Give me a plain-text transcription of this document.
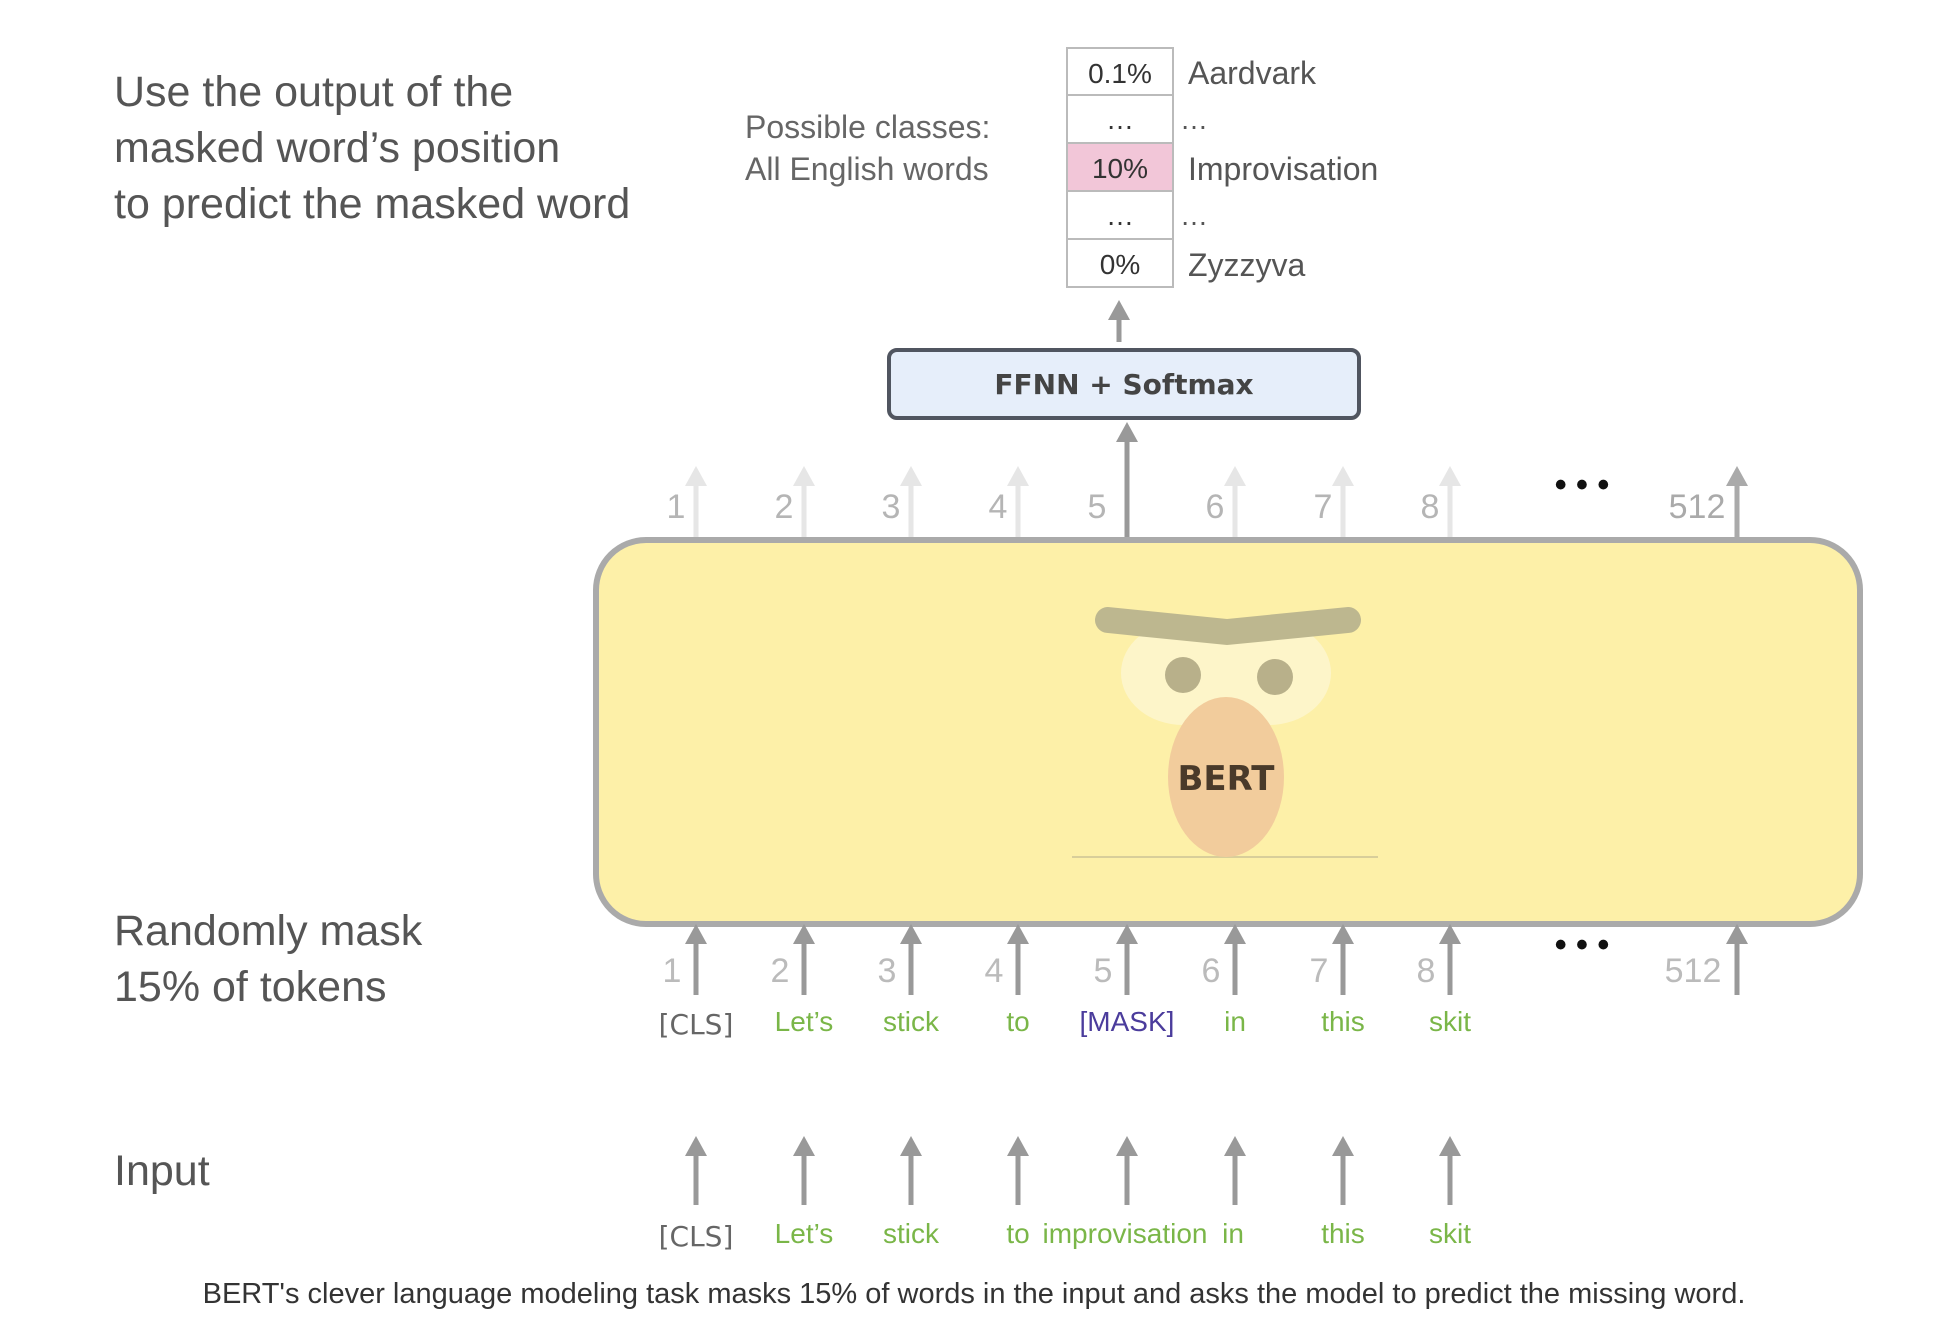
Use the output of the
masked word’s position
to predict the masked word
Possible classes:
All English words
Randomly mask
15% of tokens
Input
0.1% Aardvark
… …
10% Improvisation
… …
0% Zyzzyva
FFNN + Softmax
1	2	3	4 5	6	7	8
• • •
512
BERT
1	2	3	4	5	6	7	8
• • •
512
[CLS] Let’s stick to [MASK] in	this skit
[CLS] Let’s stick to improvisation in	this skit
BERT's clever language modeling task masks 15% of words in the input and asks the model to predict the missing word.
